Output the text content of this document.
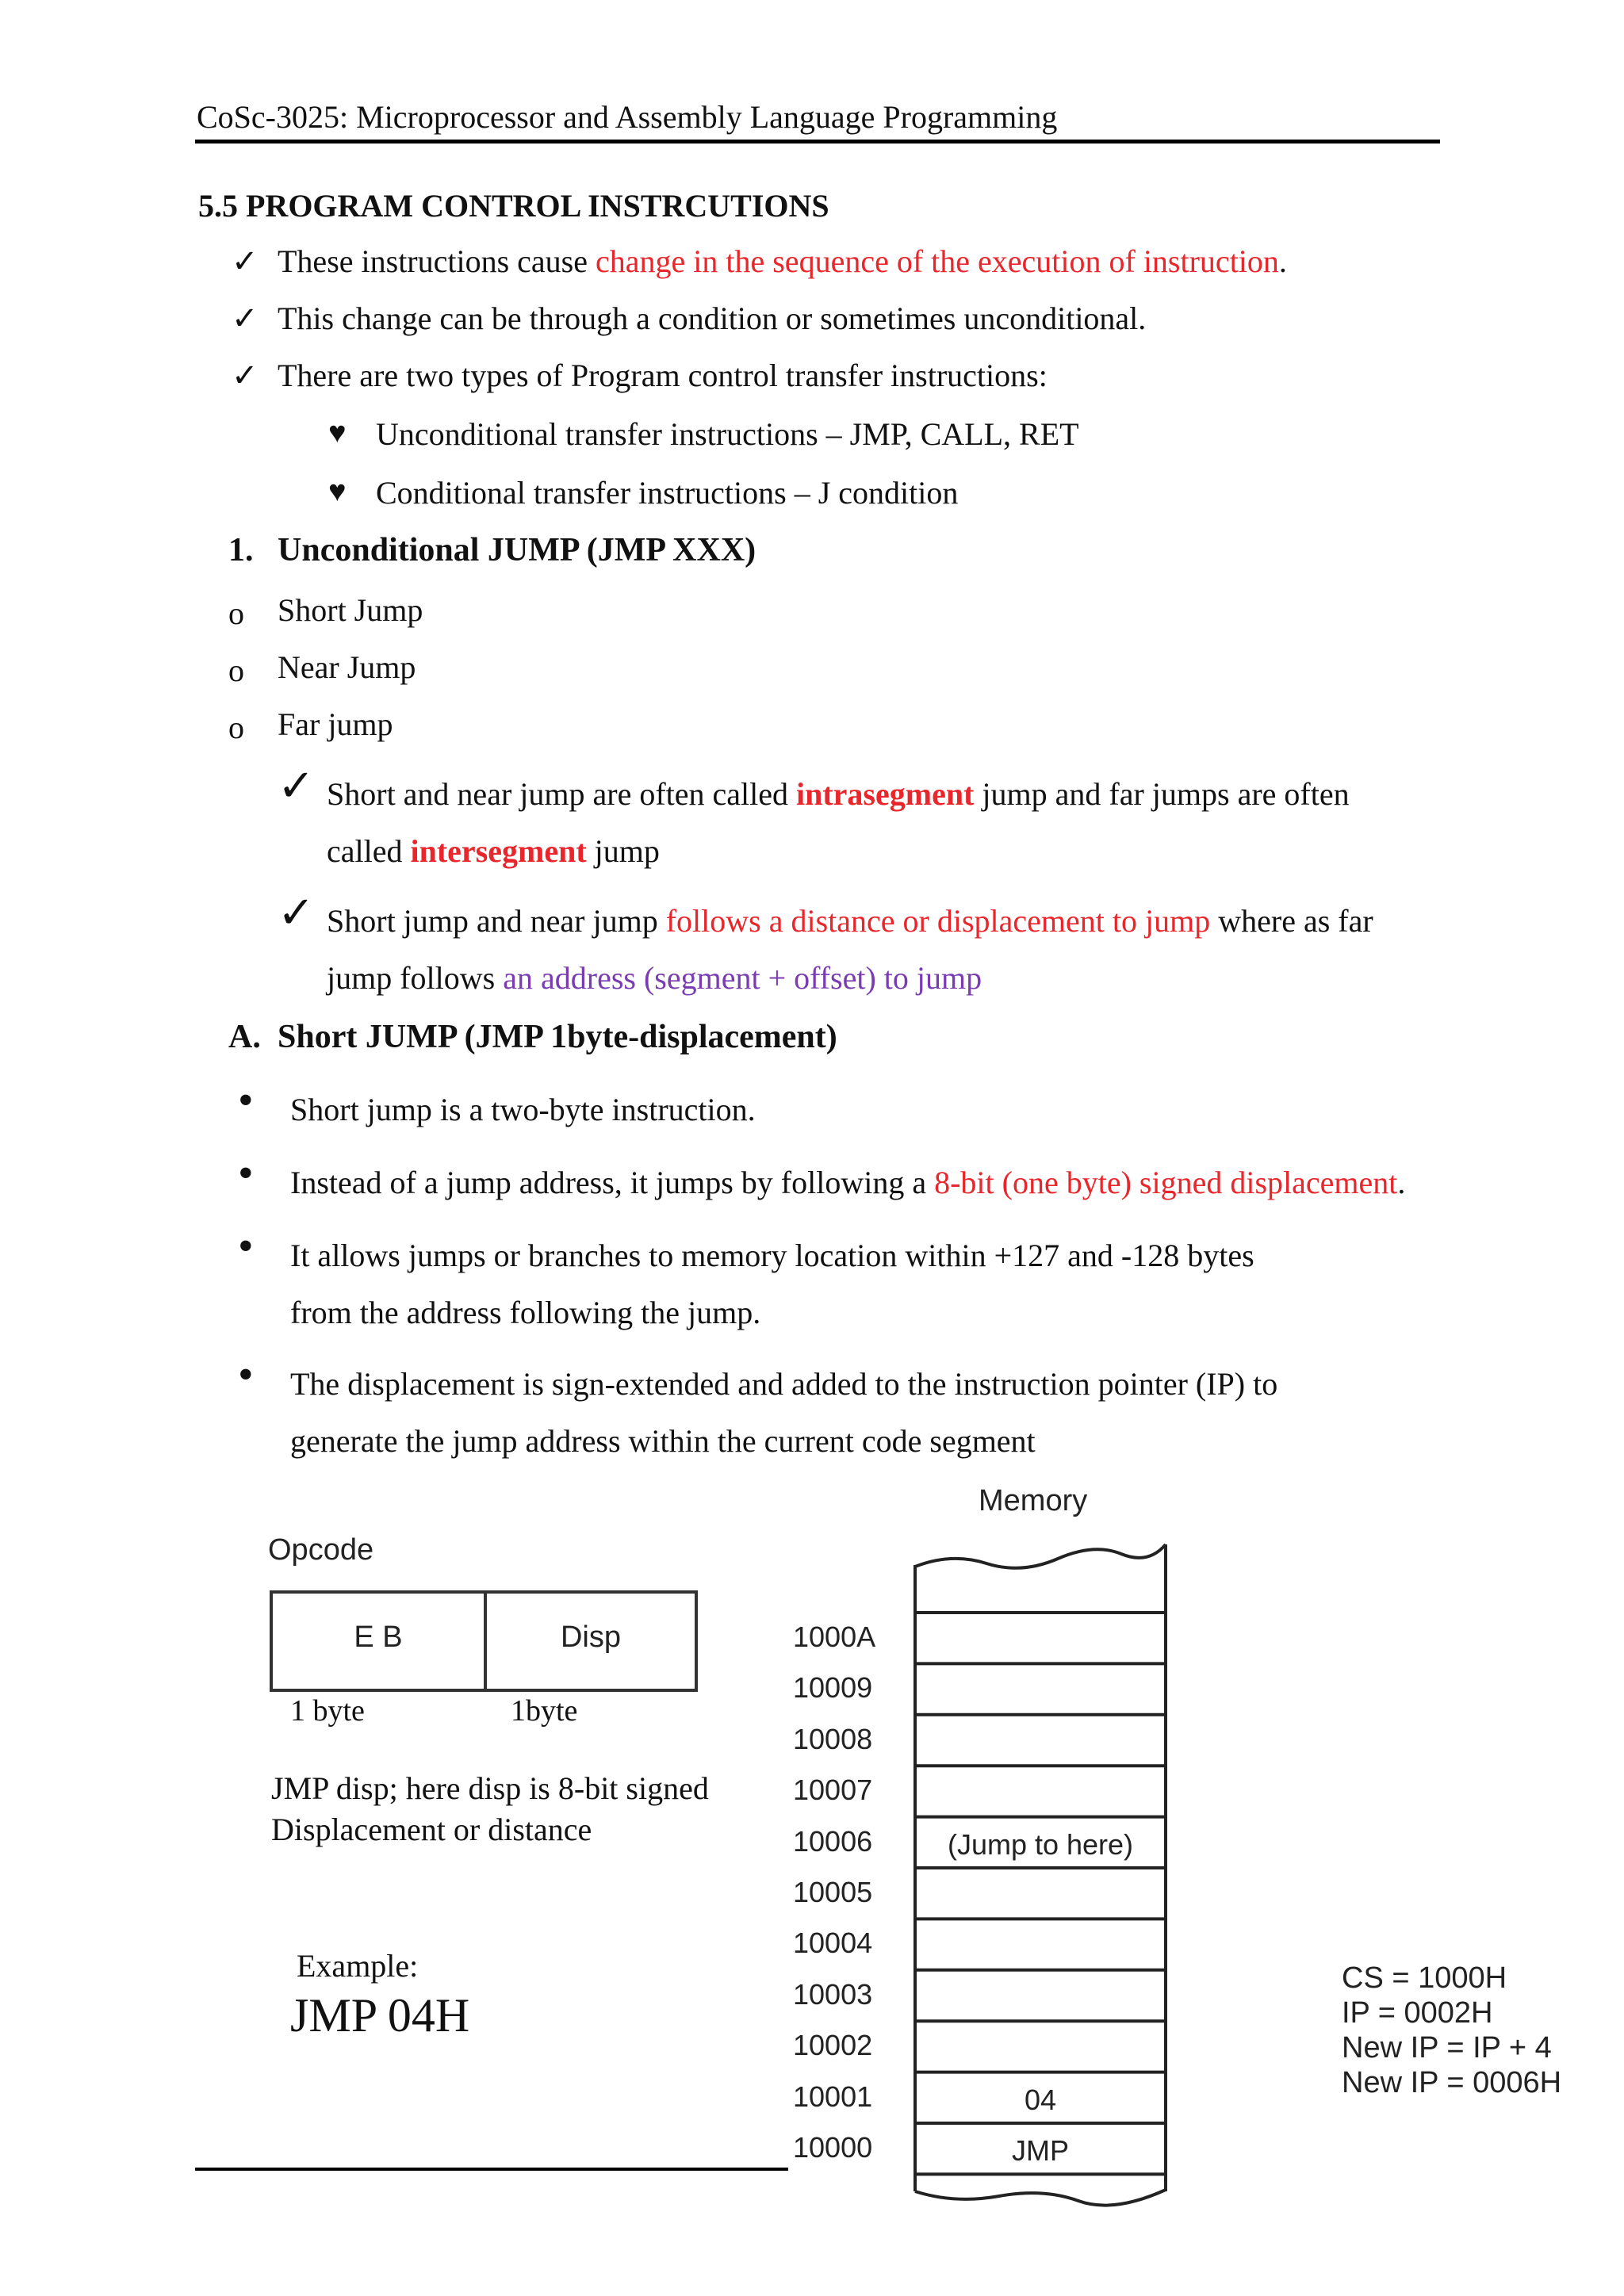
CoSc-3025: Microprocessor and Assembly Language Programming
5.5 PROGRAM CONTROL INSTRCUTIONS
✓ These instructions cause change in the sequence of the execution of instruction.
✓ This change can be through a condition or sometimes unconditional.
✓ There are two types of Program control transfer instructions:
♥ Unconditional transfer instructions – JMP, CALL, RET
♥ Conditional transfer instructions – J condition
1. Unconditional JUMP (JMP XXX)
o Short Jump
o Near Jump
o Far jump
✓ Short and near jump are often called intrasegment jump and far jumps are often
called intersegment jump
✓ Short jump and near jump follows a distance or displacement to jump where as far
jump follows an address (segment + offset) to jump
A. Short JUMP (JMP 1byte-displacement)
• Short jump is a two-byte instruction.
• Instead of a jump address, it jumps by following a 8-bit (one byte) signed displacement.
• It allows jumps or branches to memory location within +127 and -128 bytes
from the address following the jump.
• The displacement is sign-extended and added to the instruction pointer (IP) to
generate the jump address within the current code segment
Opcode
E B	Disp
1 byte	1byte
JMP disp; here disp is 8-bit signed
Displacement or distance
Example:
JMP 04H
Memory
1000A
10009
10008
10007
10006	(Jump to here)
10005
10004
10003
10002
10001	04
10000	JMP
CS = 1000H
IP = 0002H
New IP = IP + 4
New IP = 0006H
